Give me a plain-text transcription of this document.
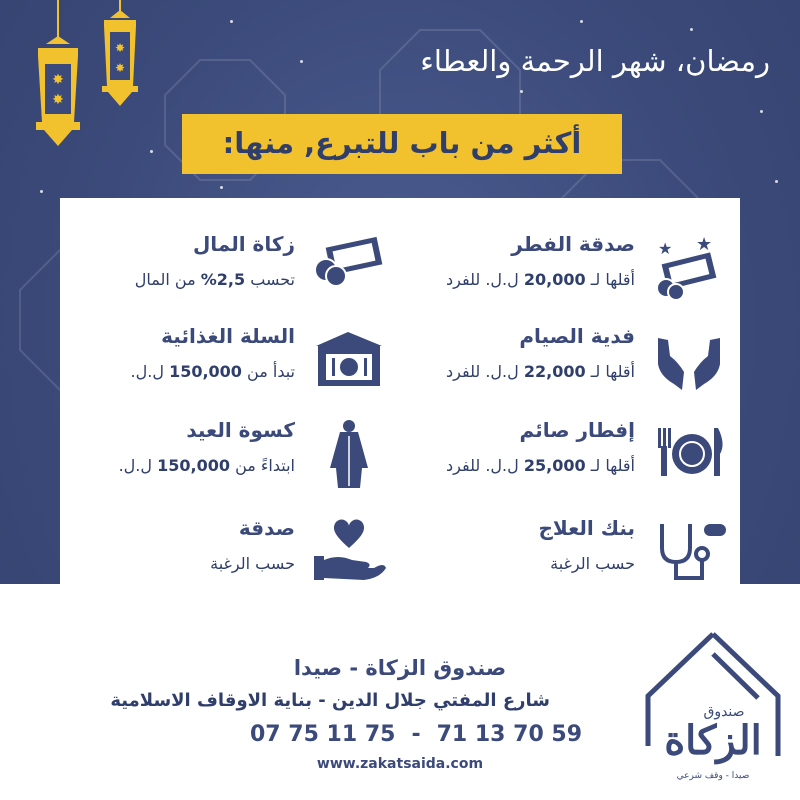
✸
✸
✸
✸	رمضان، شهر الرحمة والعطاء
أكثر من باب للتبرع, منها:
صدقة الفطر
أقلها لـ 20,000 ل.ل. للفرد
★ ★
فدية الصيام
أقلها لـ 22,000 ل.ل. للفرد
إفطار صائم
أقلها لـ 25,000 ل.ل. للفرد
بنك العلاج
حسب الرغبة
زكاة المال
تحسب 2,5% من المال
السلة الغذائية
تبدأ من 150,000 ل.ل.
كسوة العيد
ابتداءً من 150,000 ل.ل.
صدقة
حسب الرغبة
صندوق الزكاة - صيدا
شارع المفتي جلال الدين - بناية الاوقاف الاسلامية
07 75 11 75 - 71 13 70 59
www.zakatsaida.com	الزكاة
صندوق
صيدا - وقف شرعي
